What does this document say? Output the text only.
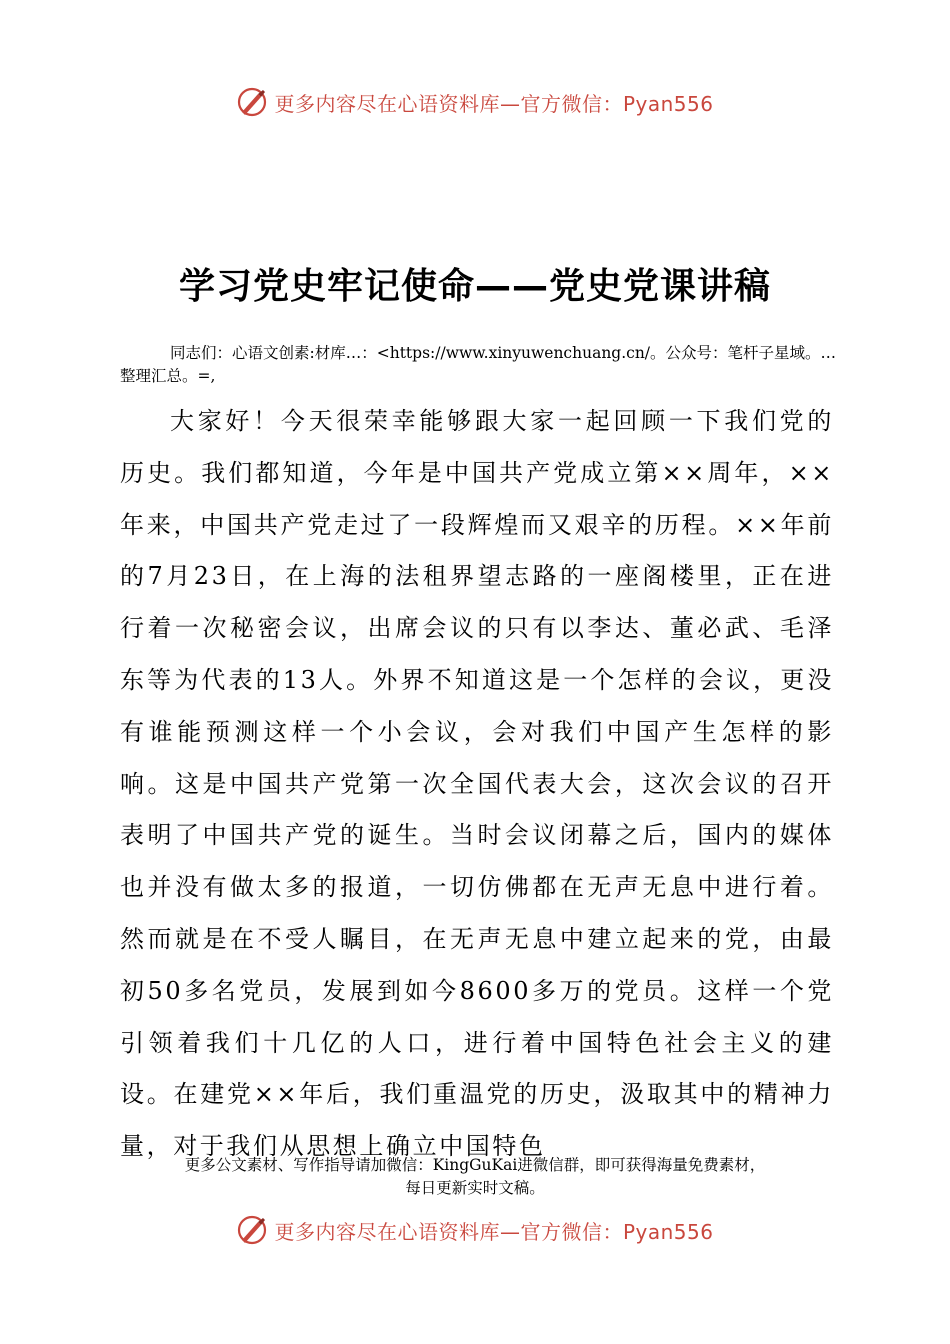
更多内容尽在心语资料库—官方微信：Pyan556
学习党史牢记使命——党史党课讲稿

同志们：心语文创素:材库…：<https://www.xinyuwenchuang.cn/。公众号：笔杆子星域。…整理汇总。=,

大家好！今天很荣幸能够跟大家一起回顾一下我们党的历史。我们都知道，今年是中国共产党成立第××周年，××年来，中国共产党走过了一段辉煌而又艰辛的历程。××年前的7月23日，在上海的法租界望志路的一座阁楼里，正在进行着一次秘密会议，出席会议的只有以李达、董必武、毛泽东等为代表的13人。外界不知道这是一个怎样的会议，更没有谁能预测这样一个小会议，会对我们中国产生怎样的影响。这是中国共产党第一次全国代表大会，这次会议的召开表明了中国共产党的诞生。当时会议闭幕之后，国内的媒体也并没有做太多的报道，一切仿佛都在无声无息中进行着。然而就是在不受人瞩目，在无声无息中建立起来的党，由最初50多名党员，发展到如今8600多万的党员。这样一个党引领着我们十几亿的人口，进行着中国特色社会主义的建设。在建党××年后，我们重温党的历史，汲取其中的精神力量，对于我们从思想上确立中国特色

更多公文素材、写作指导请加微信：KingGuKai进微信群，即可获得海量免费素材，
每日更新实时文稿。
更多内容尽在心语资料库—官方微信：Pyan556
